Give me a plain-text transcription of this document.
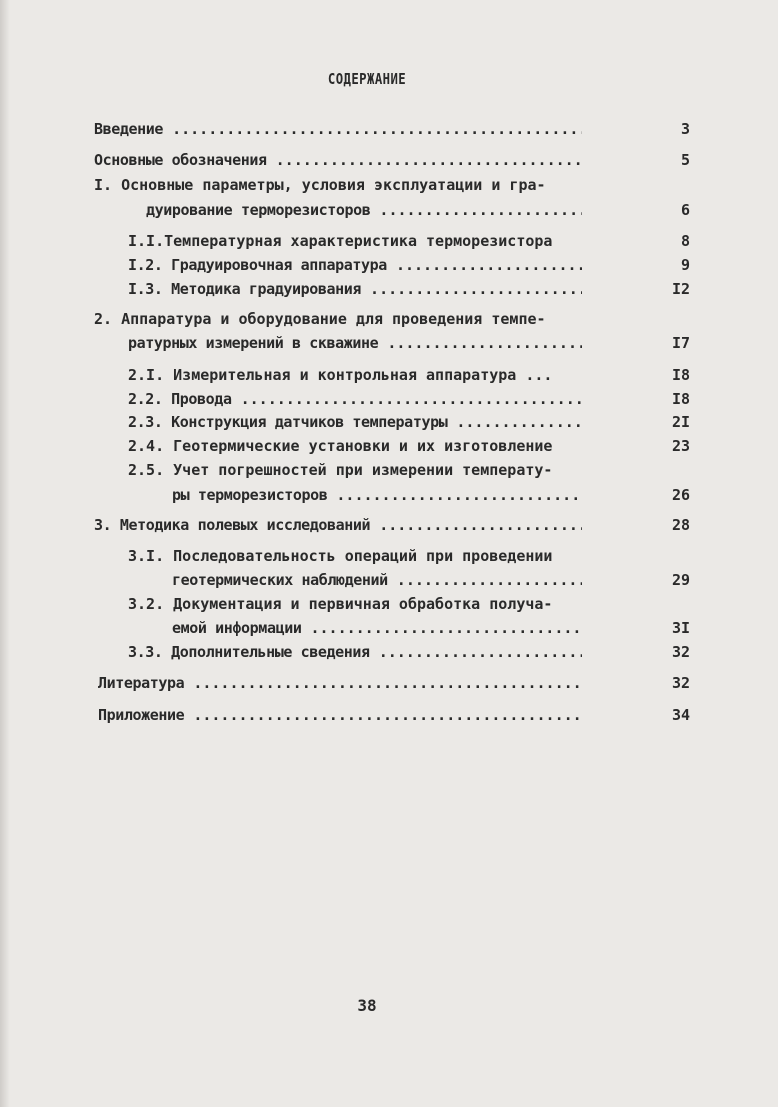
СОДЕРЖАНИЕ
Введение .....	3
Основные обозначения .....	5
I. Основные параметры, условия эксплуатации и гра-
дуирование терморезисторов .....	6
I.I.Температурная характеристика терморезистора	8
I.2. Градуировочная аппаратура .....	9
I.3. Методика градуирования .....	I2
2. Аппаратура и оборудование для проведения темпе-
ратурных измерений в скважине .....	I7
2.I. Измерительная и контрольная аппаратура ...	I8
2.2. Провода .....	I8
2.3. Конструкция датчиков температуры .....	2I
2.4. Геотермические установки и их изготовление	23
2.5. Учет погрешностей при измерении температу-
ры терморезисторов .....	26
3. Методика полевых исследований .....	28
3.I. Последовательность операций при проведении
геотермических наблюдений .....	29
3.2. Документация и первичная обработка получа-
емой информации .....	3I
3.3. Дополнительные сведения .....	32
Литература .....	32
Приложение .....	34
38
